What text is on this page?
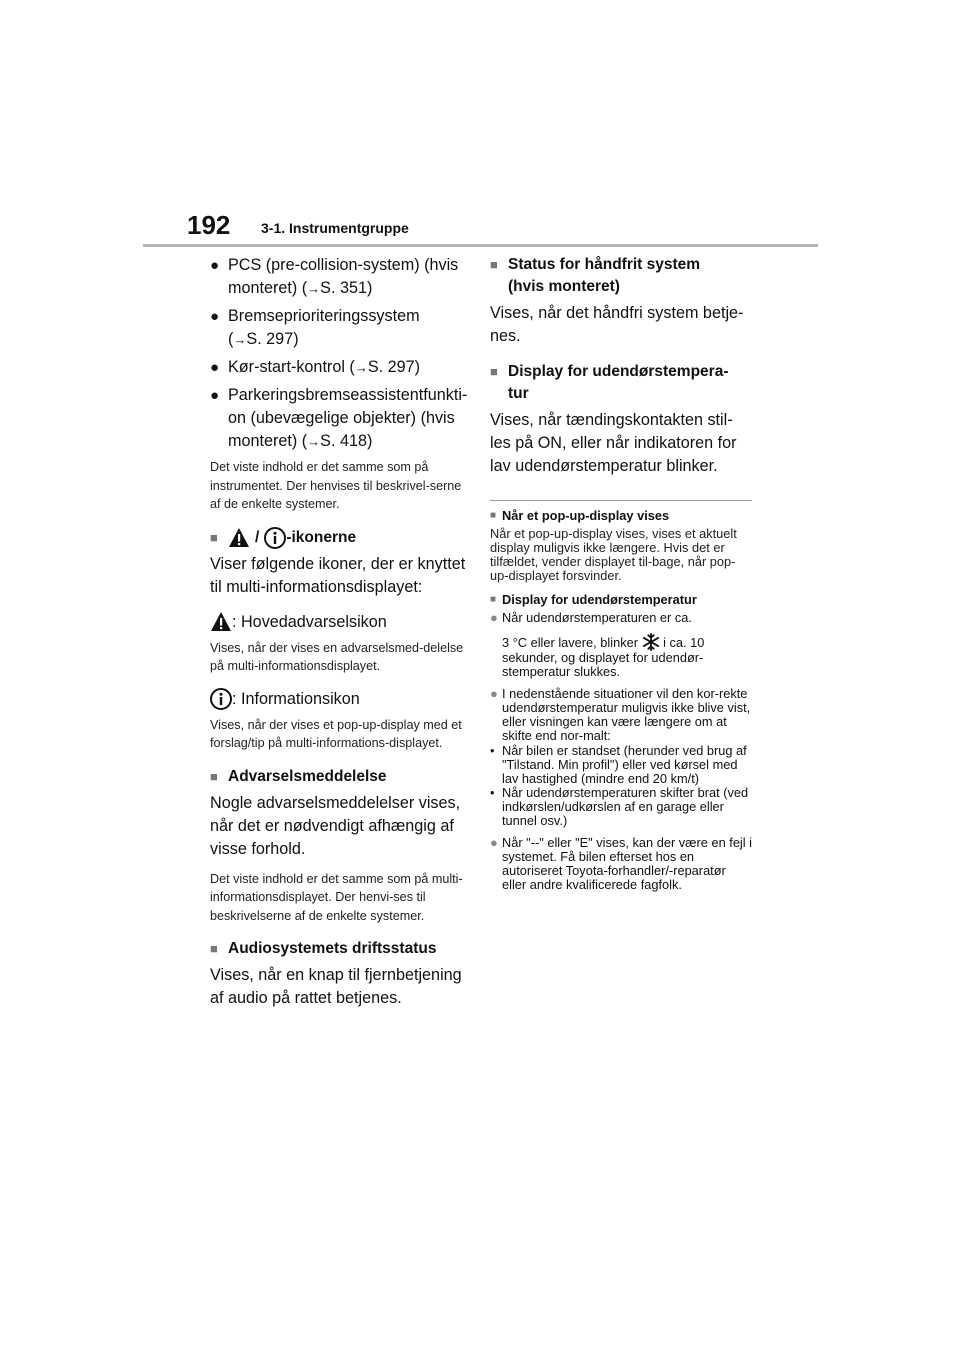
192 3-1. Instrumentgruppe
● PCS (pre-collision-system) (hvis
monteret) (→S. 351)
● Bremseprioriteringssystem
(→S. 297)
● Kør-start-kontrol (→S. 297)
● Parkeringsbremseassistentfunkti-
on (ubevægelige objekter) (hvis
monteret) (→S. 418)
Det viste indhold er det samme som på instrumentet. Der henvises til beskrivel-serne af de enkelte systemer.
■	/ -ikonerne
Viser følgende ikoner, der er knyttet til multi-informationsdisplayet:
: Hovedadvarselsikon
Vises, når der vises en advarselsmed-delelse på multi-informationsdisplayet.
: Informationsikon
Vises, når der vises et pop-up-display med et forslag/tip på multi-informations-displayet.
■ Advarselsmeddelelse
Nogle advarselsmeddelelser vises, når det er nødvendigt afhængig af visse forhold.
Det viste indhold er det samme som på multi-informationsdisplayet. Der henvi-ses til beskrivelserne af de enkelte systemer.
■ Audiosystemets driftsstatus
Vises, når en knap til fjernbetjening af audio på rattet betjenes.
■ Status for håndfrit system
(hvis monteret)
Vises, når det håndfri system betje-nes.
■ Display for udendørstempera-
tur
Vises, når tændingskontakten stil-les på ON, eller når indikatoren for lav udendørstemperatur blinker.
■ Når et pop-up-display vises
Når et pop-up-display vises, vises et aktuelt display muligvis ikke længere. Hvis det er tilfældet, vender displayet til-bage, når pop-up-displayet forsvinder.
■ Display for udendørstemperatur
● Når udendørstemperaturen er ca.
3 °C eller lavere, blinker i ca. 10 sekunder, og displayet for udendør-stemperatur slukkes.
● I nedenstående situationer vil den kor-rekte udendørstemperatur muligvis ikke blive vist, eller visningen kan være længere om at skifte end nor-malt:
• Når bilen er standset (herunder ved brug af "Tilstand. Min profil") eller ved kørsel med lav hastighed (mindre end 20 km/t)
• Når udendørstemperaturen skifter brat (ved indkørslen/udkørslen af en garage eller tunnel osv.)
● Når "--" eller "E" vises, kan der være en fejl i systemet. Få bilen efterset hos en autoriseret Toyota-forhandler/-reparatør eller andre kvalificerede fagfolk.
